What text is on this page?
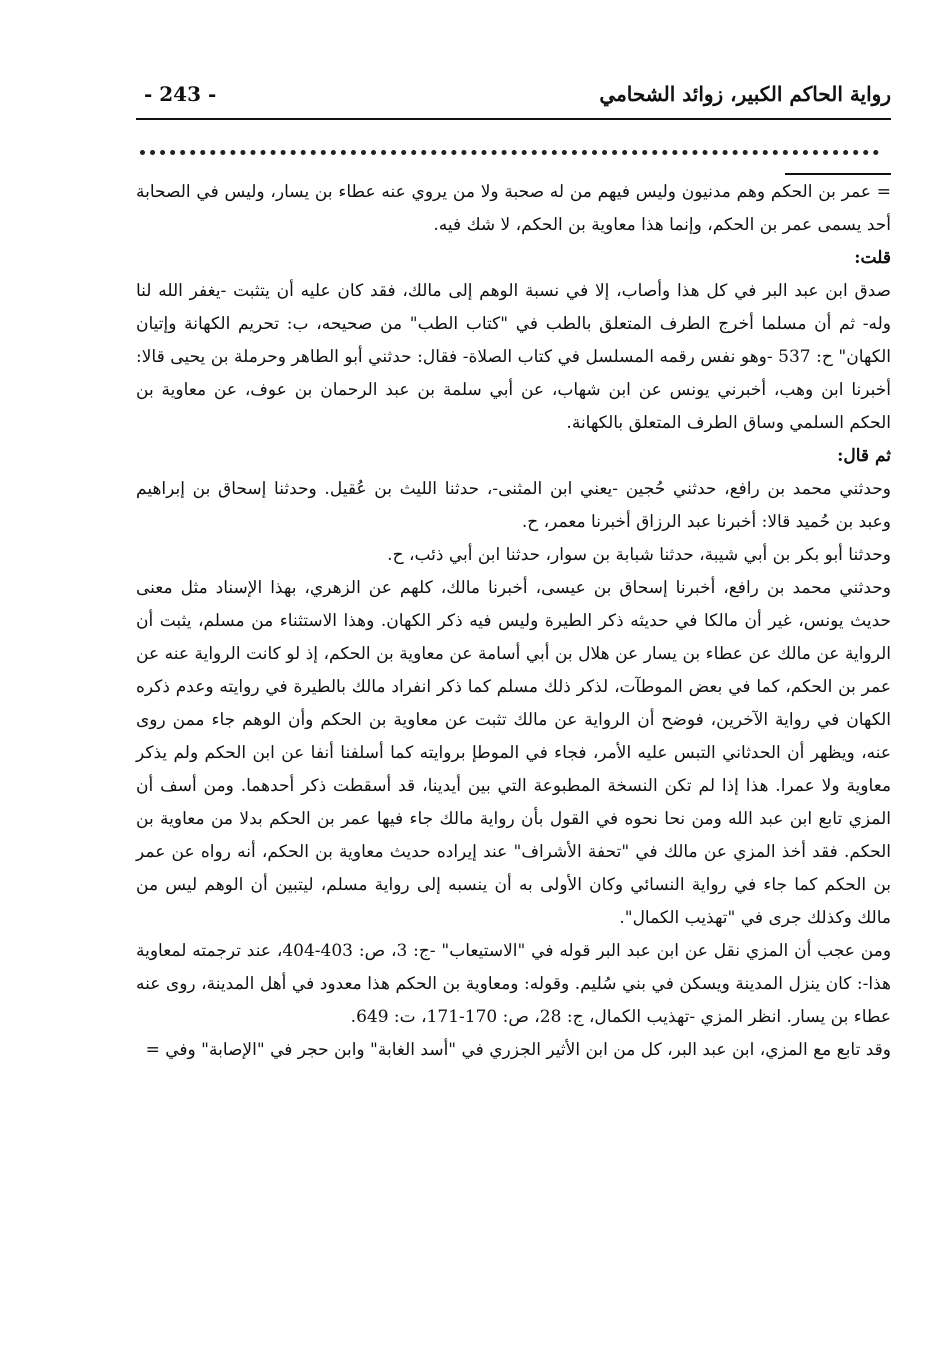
رواية الحاكم الكبير، زوائد الشحامي
- 243 -

= عمر بن الحكم وهم مدنيون وليس فيهم من له صحبة ولا من يروي عنه عطاء بن يسار، وليس في الصحابة أحد يسمى عمر بن الحكم، وإنما هذا معاوية بن الحكم، لا شك فيه.

قلت:

صدق ابن عبد البر في كل هذا وأصاب، إلا في نسبة الوهم إلى مالك، فقد كان عليه أن يتثبت -يغفر الله لنا وله- ثم أن مسلما أخرج الطرف المتعلق بالطب في "كتاب الطب" من صحيحه، ب: تحريم الكهانة وإتيان الكهان" ح: 537 -وهو نفس رقمه المسلسل في كتاب الصلاة- فقال: حدثني أبو الطاهر وحرملة بن يحيى قالا: أخبرنا ابن وهب، أخبرني يونس عن ابن شهاب، عن أبي سلمة بن عبد الرحمان بن عوف، عن معاوية بن الحكم السلمي وساق الطرف المتعلق بالكهانة.

ثم قال:

وحدثني محمد بن رافع، حدثني حُجين -يعني ابن المثنى-، حدثنا الليث بن عُقيل. وحدثنا إسحاق بن إبراهيم وعبد بن حُميد قالا: أخبرنا عبد الرزاق أخبرنا معمر، ح.

وحدثنا أبو بكر بن أبي شيبة، حدثنا شبابة بن سوار، حدثنا ابن أبي ذئب، ح.

وحدثني محمد بن رافع، أخبرنا إسحاق بن عيسى، أخبرنا مالك، كلهم عن الزهري، بهذا الإسناد مثل معنى حديث يونس، غير أن مالكا في حديثه ذكر الطيرة وليس فيه ذكر الكهان. وهذا الاستثناء من مسلم، يثبت أن الرواية عن مالك عن عطاء بن يسار عن هلال بن أبي أسامة عن معاوية بن الحكم، إذ لو كانت الرواية عنه عن عمر بن الحكم، كما في بعض الموطآت، لذكر ذلك مسلم كما ذكر انفراد مالك بالطيرة في روايته وعدم ذكره الكهان في رواية الآخرين، فوضح أن الرواية عن مالك تثبت عن معاوية بن الحكم وأن الوهم جاء ممن روى عنه، ويظهر أن الحدثاني التبس عليه الأمر، فجاء في الموطإ بروايته كما أسلفنا أنفا عن ابن الحكم ولم يذكر معاوية ولا عمرا. هذا إذا لم تكن النسخة المطبوعة التي بين أيدينا، قد أسقطت ذكر أحدهما. ومن أسف أن المزي تابع ابن عبد الله ومن نحا نحوه في القول بأن رواية مالك جاء فيها عمر بن الحكم بدلا من معاوية بن الحكم. فقد أخذ المزي عن مالك في "تحفة الأشراف" عند إيراده حديث معاوية بن الحكم، أنه رواه عن عمر بن الحكم كما جاء في رواية النسائي وكان الأولى به أن ينسبه إلى رواية مسلم، ليتبين أن الوهم ليس من مالك وكذلك جرى في "تهذيب الكمال".

ومن عجب أن المزي نقل عن ابن عبد البر قوله في "الاستيعاب" -ج: 3، ص: 403-404، عند ترجمته لمعاوية هذا-: كان ينزل المدينة ويسكن في بني سُليم. وقوله: ومعاوية بن الحكم هذا معدود في أهل المدينة، روى عنه عطاء بن يسار. انظر المزي -تهذيب الكمال، ج: 28، ص: 170-171، ت: 649.

وقد تابع مع المزي، ابن عبد البر، كل من ابن الأثير الجزري في "أسد الغابة" وابن حجر في "الإصابة" وفي =
